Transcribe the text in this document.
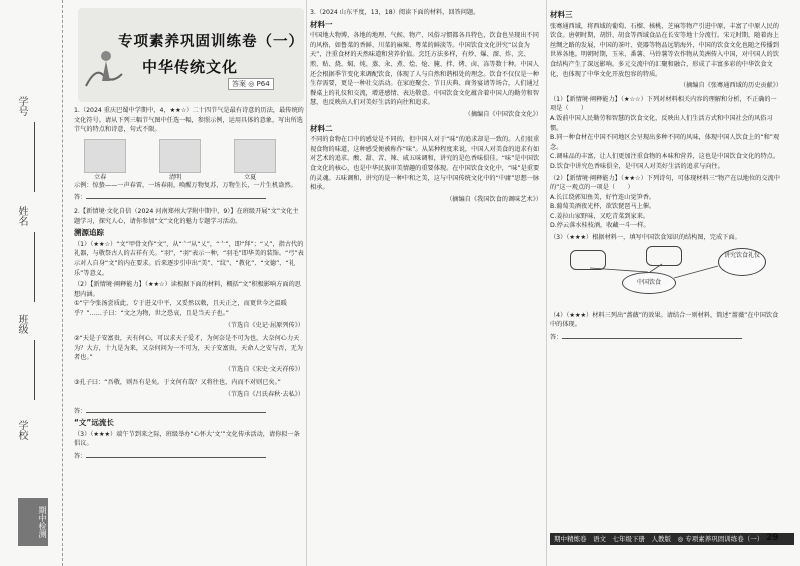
学号
姓名
班级
学校
期中检测
专项素养巩固训练卷（一）
中华传统文化
答案 ◎ P64
1.（2024 重庆巴蜀中学期中，4，★★☆）二十四节气是最有诗意的历法，最传统的文化符号。请从下列三幅节气图中任选一幅，参照示例，运用具体的意象，写出所选节气的特点和诗意，句式不限。
立春	清明	立夏
示例：惊蛰——一声春雷，一场春雨，唤醒万物复苏，万物生长，一片生机盎然。
答：
2.【新情境·文化自信（2024 河南郑州大学附中期中，9）】在班级开展“文”文化主题学习，探究人心，请你参加“文”文化的魅力专题学习活动。
溯源追踪
（1）（★★☆）“文”甲骨文作“文”，从“亠”从“乂”，“亠”，即“拜”；“乂”，指古代的礼器，与敬祭古人的吉祥有关。“羽”，“羽”表示一种，“羽毛”即华美的装饰。“弓”表示对人自身“文”的内在要求。后来逐步引申出“美”、“纹”、“教化”、“文德”、“礼乐”等意义。
（2）【新情境·阐释能力】（★★☆）读根据下面的材料，概括“文”积极影响方面的思想内涵。
①“宁令张汤尝质此，专于进义中平，又妥然以敕，且天正之，而更世今之温暖乎？”……子曰：“文之为物，世之恐哀，且是当天子也。”
（节选自《史记·屈原列传》）
②“天是子安富贵，天有何心，可以求天子爱才，为何奈是不可为也，大奈何心力天为？大方，十九是为来，又奈何问为一不可为，天子安富贵，天命人之安与否，无为者也。”
（节选自《宋史·文天祥传》）
③孔子曰：“吾敬，则吾有是矣。于文何有哉？又将往也，内而不对则已矣。”
（节选自《吕氏春秋·去私》）
答：
“文”远流长
（3）（★★★）端午节到来之际，班级举办“心怀大‘文’”文化传承活动，请你拟一条倡议。
答：
3.（2024 山东平度，13，18）阅读下面的材料，回答问题。
材料一
中国地大物博，各地的地理、气候、物产、风俗习惯都各具特色，饮食也呈现出不同的风格，如鲁菜的香鲜、川菜的麻辣、粤菜的鲜淡等。中国饮食文化讲究“以食为天”，注重食材的天然味道和营养价值。烹饪方法多样，有炒、爆、溜、炸、烹、煎、贴、烧、焖、炖、蒸、汆、煮、烩、炝、腌、拌、烤、卤、冻等数十种。中国人还会根据季节变化来调配饮食，体现了人与自然和谐相处的理念。饮食不仅仅是一种生存需要，更是一种社交活动。在家庭聚会、节日庆典、商务宴请等场合，人们通过餐桌上的礼仪和交流，增进感情、表达敬意。中国饮食文化蕴含着中国人的勤劳和智慧，也反映出人们对美好生活的向往和追求。
（摘编自《中国饮食文化》）
材料二
不同的食物在口中的感觉是不同的，但中国人对于“味”的追求却是一致的。人们很重视食物的味道，这种感受便被称作“味”。从某种程度来说，中国人对美食的追求有如对艺术的追求。酸、甜、苦、辣、咸五味调和，讲究的是色香味俱佳。“味”是中国饮食文化的核心，也是中华民族审美情趣的重要体现。在中国饮食文化中，“味”是重要的灵魂。五味调和，讲究的是一种中和之美，这与中国传统文化中的“中庸”思想一脉相承。
（摘编自《我国饮食的调味艺术》）
材料三
张骞通西域，将西域的葡萄、石榴、核桃、芝麻等物产引进中原，丰富了中原人民的饮食。唐朝时期，胡饼、胡食等西域食品在长安等地十分流行。宋元时期，随着海上丝绸之路的发展，中国的茶叶、瓷器等物品远销海外，中国的饮食文化也随之传播到世界各地。明朝时期，玉米、番薯、马铃薯等农作物从美洲传入中国，对中国人的饮食结构产生了深远影响。多元交流中的汇聚和融合，形成了丰富多彩的中华饮食文化，也体现了中华文化开放包容的特质。
（摘编自《张骞通西域的历史贡献》）
（1）【新情境·阐释能力】（★☆☆）下列对材料相关内容的理解和分析，不正确的一项是（　　）
A.饭前中国人民勤劳和智慧的饮食文化，反映出人们生活方式和中国社会的风俗习惯。
B.同一种食材在中国不同地区会呈现出多种不同的风味，体现中国人饮食上的“和”观念。
C.调味品的丰富，让人们更加注重食物的本味和营养，这也是中国饮食文化的特点。
D.饮食中讲究色香味俱全，是中国人对美好生活的追求与向往。
（2）【新情境·阐释能力】（★★☆）下列诗句，可体现材料三“物产在以地位的交流中的”这一观点的一项是（　　）
A.长江绕郭知鱼美，好竹连山觉笋香。
B.葡萄美酒夜光杯，欲饮琵琶马上催。
C.姜拉山家野味，又吃青菜到家来。
D.停云落水桂枝酒，收藏一斗一样。
（3）（★★★）根据材料一，填写中国饮食知识的结构图，完成下面。
中国饮食
讲究饮食礼仪
（4）（★★★）材料三列出“蔷薇”的效果。请结合一则材料，简述“蔷薇”在中国饮食中的体现。
答：
期中精炼卷　语文　七年级下册　人教版　◎ 专项素养巩固训练卷（一） 29
